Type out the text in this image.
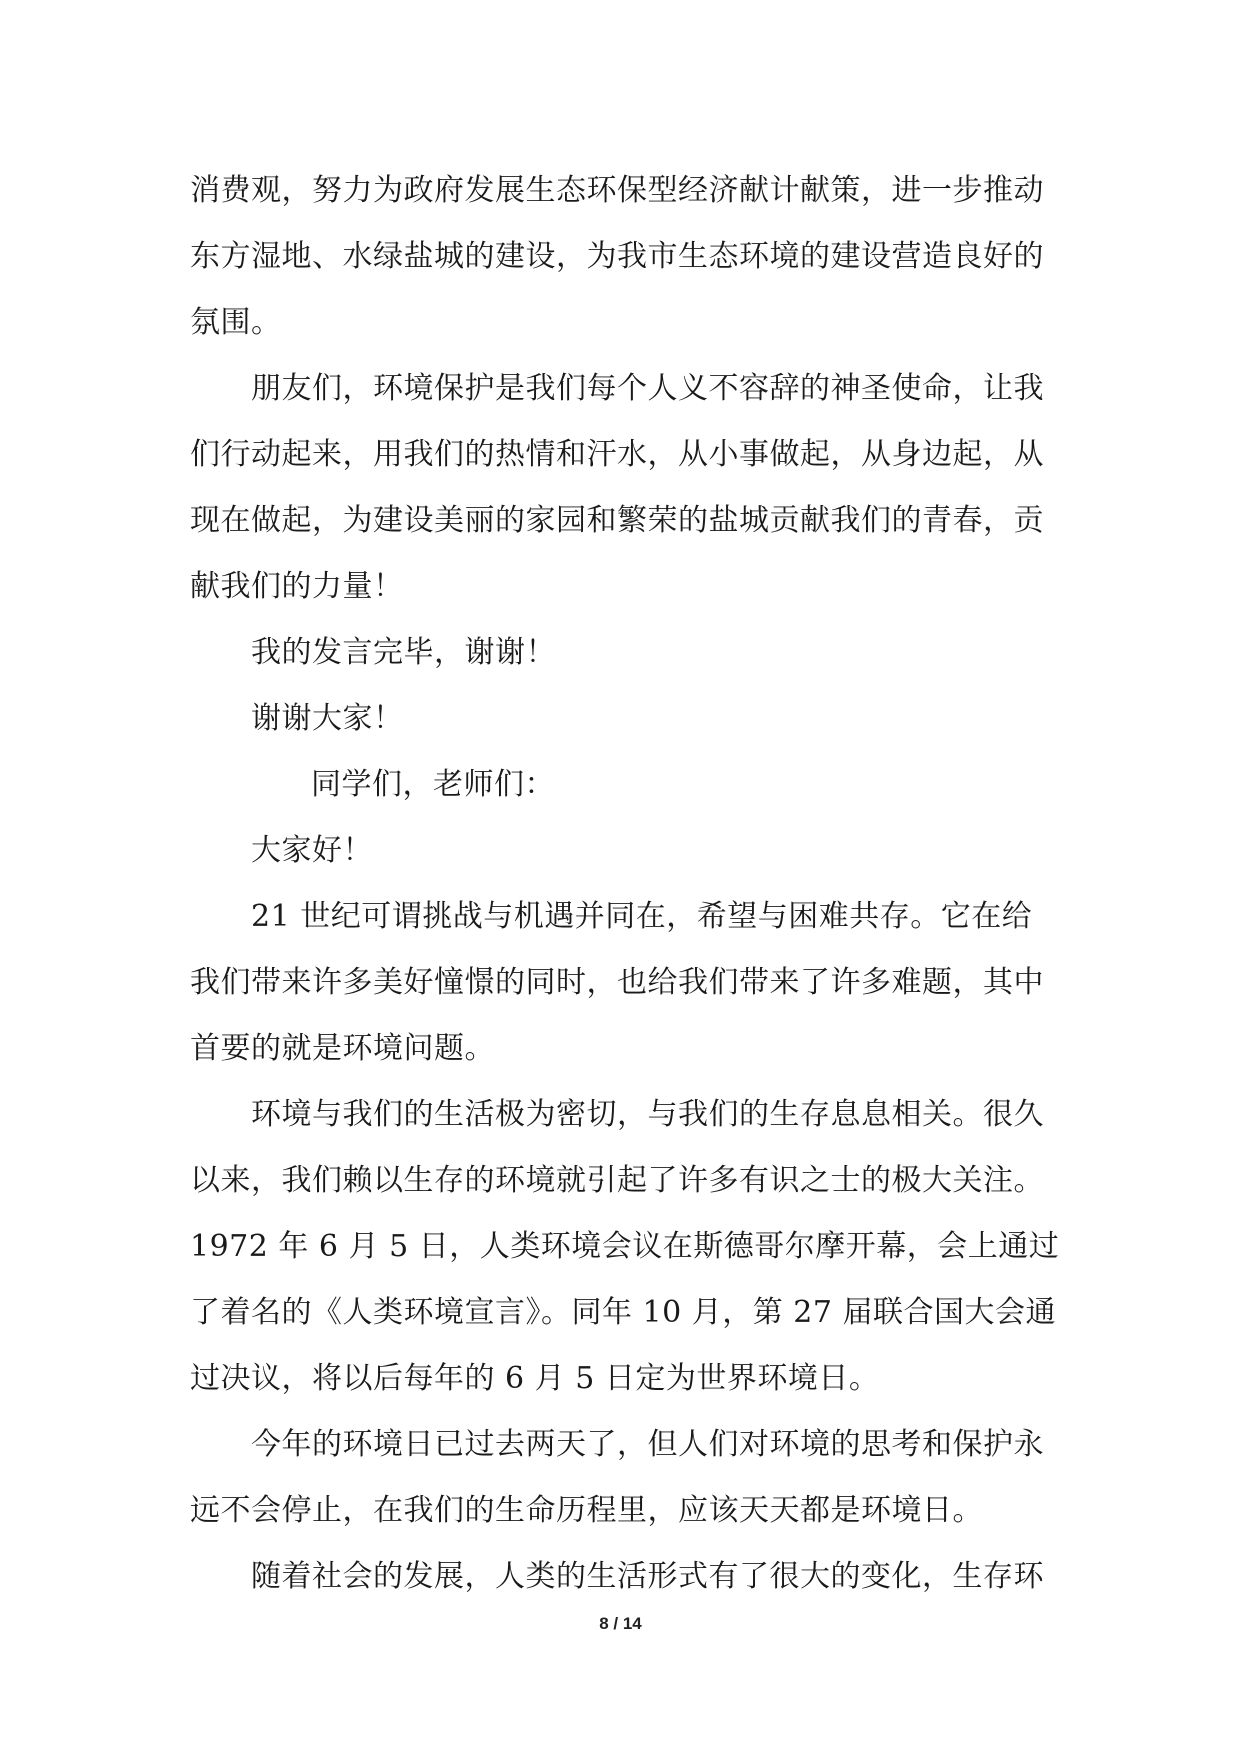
消费观，努力为政府发展生态环保型经济献计献策，进一步推动
东方湿地、水绿盐城的建设，为我市生态环境的建设营造良好的
氛围。
朋友们，环境保护是我们每个人义不容辞的神圣使命，让我
们行动起来，用我们的热情和汗水，从小事做起，从身边起，从
现在做起，为建设美丽的家园和繁荣的盐城贡献我们的青春，贡
献我们的力量！
我的发言完毕，谢谢！
谢谢大家！
同学们，老师们：
大家好！
21 世纪可谓挑战与机遇并同在，希望与困难共存。它在给
我们带来许多美好憧憬的同时，也给我们带来了许多难题，其中
首要的就是环境问题。
环境与我们的生活极为密切，与我们的生存息息相关。很久
以来，我们赖以生存的环境就引起了许多有识之士的极大关注。
1972 年 6 月 5 日，人类环境会议在斯德哥尔摩开幕，会上通过
了着名的《人类环境宣言》。同年 10 月，第 27 届联合国大会通
过决议，将以后每年的 6 月 5 日定为世界环境日。
今年的环境日已过去两天了，但人们对环境的思考和保护永
远不会停止，在我们的生命历程里，应该天天都是环境日。
随着社会的发展，人类的生活形式有了很大的变化，生存环
8 / 14
